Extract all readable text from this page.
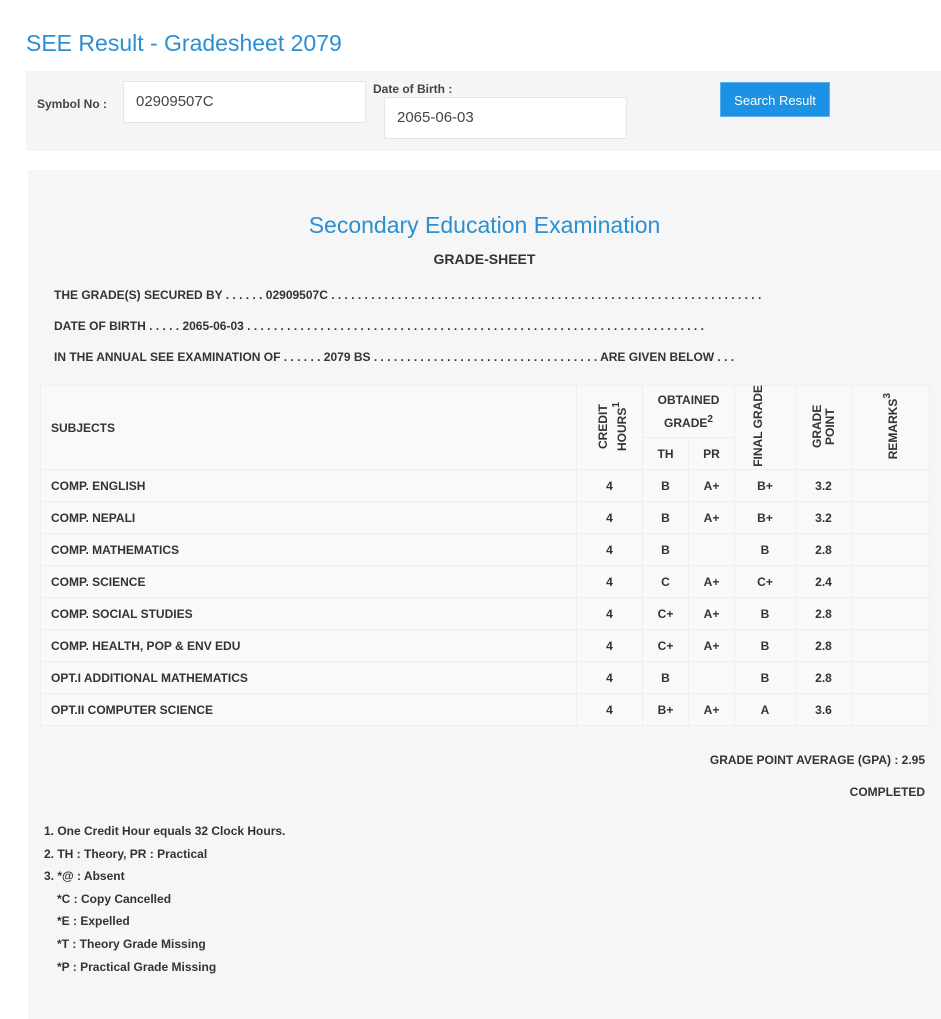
SEE Result - Gradesheet 2079
Symbol No :	02909507C
Date of Birth :
2065-06-03
Search Result
Secondary Education Examination
GRADE-SHEET
THE GRADE(S) SECURED BY . . . . . . 02909507C . . . . . . . . . . . . . . . . . . . . . . . . . . . . . . . . . . . . . . . . . . . . . . . . . . . . . . . . . . . . . . . . .
DATE OF BIRTH . . . . . 2065-06-03 . . . . . . . . . . . . . . . . . . . . . . . . . . . . . . . . . . . . . . . . . . . . . . . . . . . . . . . . . . . . . . . . . . . . .
IN THE ANNUAL SEE EXAMINATION OF . . . . . . 2079 BS . . . . . . . . . . . . . . . . . . . . . . . . . . . . . . . . . . ARE GIVEN BELOW . . .
SUBJECTS	CREDIT HOURS$^1$	OBTAINED GRADE$^2$		FINAL GRADE	GRADE POINT	REMARKS$^3$
		TH	PR			
COMP. ENGLISH	4	B	A+	B+	3.2	
COMP. NEPALI	4	B	A+	B+	3.2	
COMP. MATHEMATICS	4	B		B	2.8	
COMP. SCIENCE	4	C	A+	C+	2.4	
COMP. SOCIAL STUDIES	4	C+	A+	B	2.8	
COMP. HEALTH, POP & ENV EDU	4	C+	A+	B	2.8	
OPT.I ADDITIONAL MATHEMATICS	4	B		B	2.8	
OPT.II COMPUTER SCIENCE	4	B+	A+	A	3.6	
GRADE POINT AVERAGE (GPA) : 2.95
COMPLETED
1. One Credit Hour equals 32 Clock Hours.
2. TH : Theory, PR : Practical
3. *@ : Absent
*C : Copy Cancelled
*E : Expelled
*T : Theory Grade Missing
*P : Practical Grade Missing
